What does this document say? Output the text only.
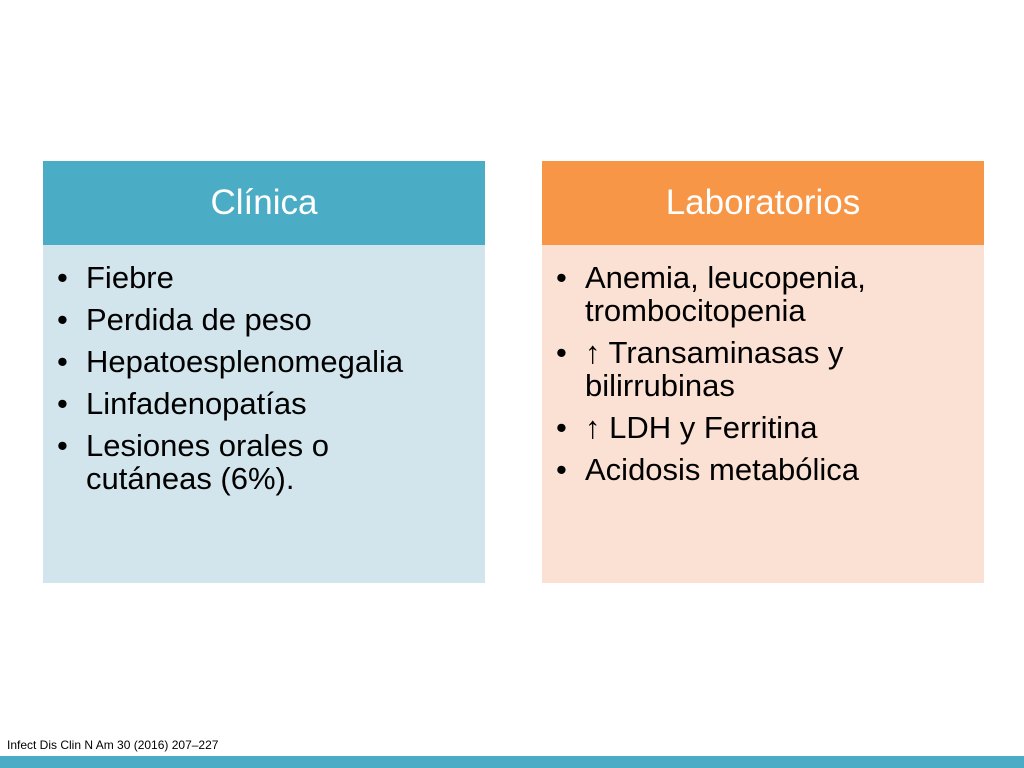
Clínica
• Fiebre
• Perdida de peso
• Hepatoesplenomegalia
• Linfadenopatías
• Lesiones orales o cutáneas (6%).
Laboratorios
• Anemia, leucopenia, trombocitopenia
• ↑ Transaminasas y bilirrubinas
• ↑ LDH y Ferritina
• Acidosis metabólica
Infect Dis Clin N Am 30 (2016) 207–227
